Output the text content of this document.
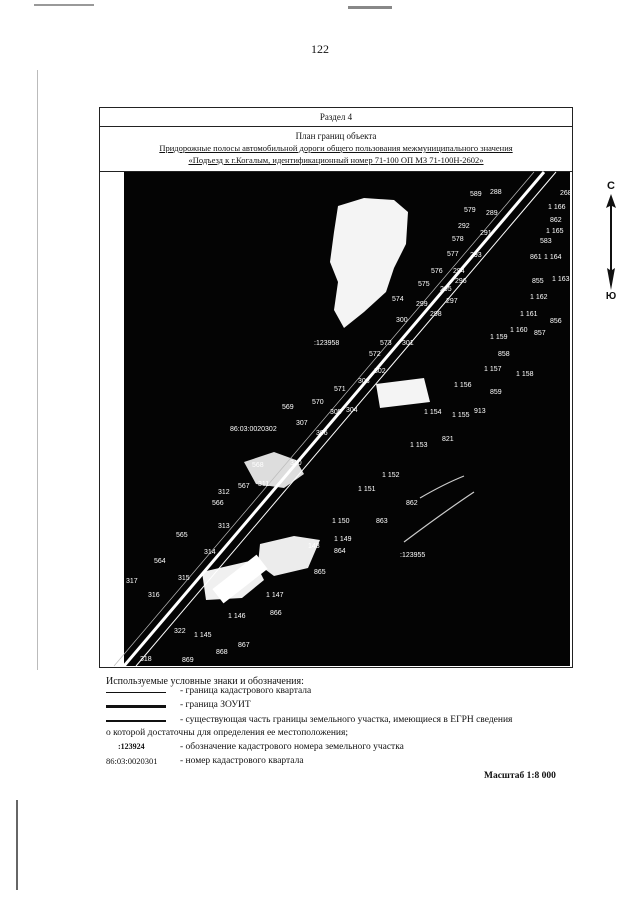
122
Раздел 4
План границ объекта
Придорожные полосы автомобильной дороги общего пользования межмуниципального значения
«Подъезд к г.Когалым, идентификационный номер 71-100 ОП МЗ 71-100Н-2602»
589 288	268
579 289
1 166
292
862
578
291	1 165
583
577 293	861 1 164
576 294
575	296
295
855 1 163
1 162
574	297
299
298
300
1 161
856
1 160 857
1 159
:123958	573 301
572	858
302	1 157
1 158
303
571
1 156
859
570
569
305 304	1 154 1 155
913
86:03:0020302
307
306
821
568	310
1 153
1 152
567 311
312	1 151
566	862
1 150	863
313
565
1 149
148
864
314	:123955
564
865
315
317
316	1 147
1 146	866
322
1 145
867
868
318	869
С
Ю
Используемые условные знаки и обозначения:
- граница кадастрового квартала
- граница ЗОУИТ
- существующая часть границы земельного участка, имеющиеся в ЕГРН сведения
о которой достаточны для определения ее местоположения;
:123924	- обозначение кадастрового номера земельного участка
86:03:0020301	- номер кадастрового квартала
Масштаб 1:8 000
